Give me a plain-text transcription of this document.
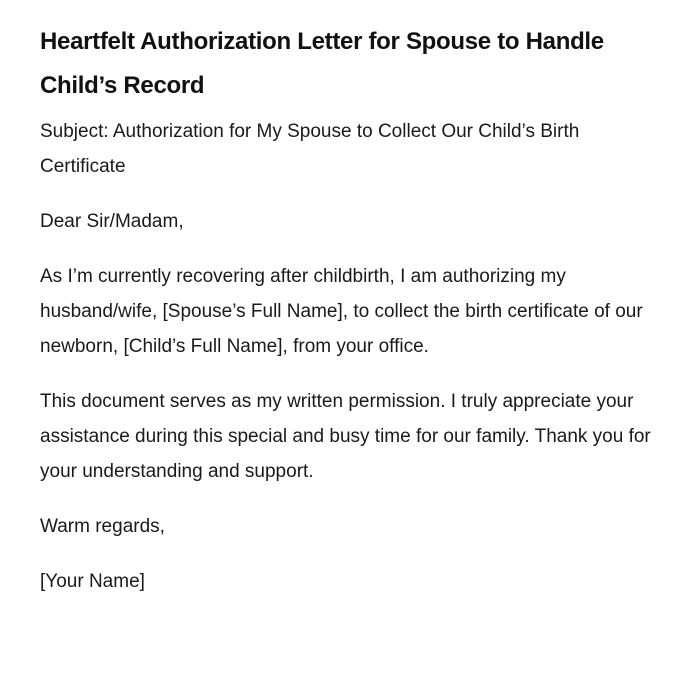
Heartfelt Authorization Letter for Spouse to Handle Child’s Record

Subject: Authorization for My Spouse to Collect Our Child’s Birth Certificate

Dear Sir/Madam,

As I’m currently recovering after childbirth, I am authorizing my husband/wife, [Spouse’s Full Name], to collect the birth certificate of our newborn, [Child’s Full Name], from your office.

This document serves as my written permission. I truly appreciate your assistance during this special and busy time for our family. Thank you for your understanding and support.

Warm regards,

[Your Name]
